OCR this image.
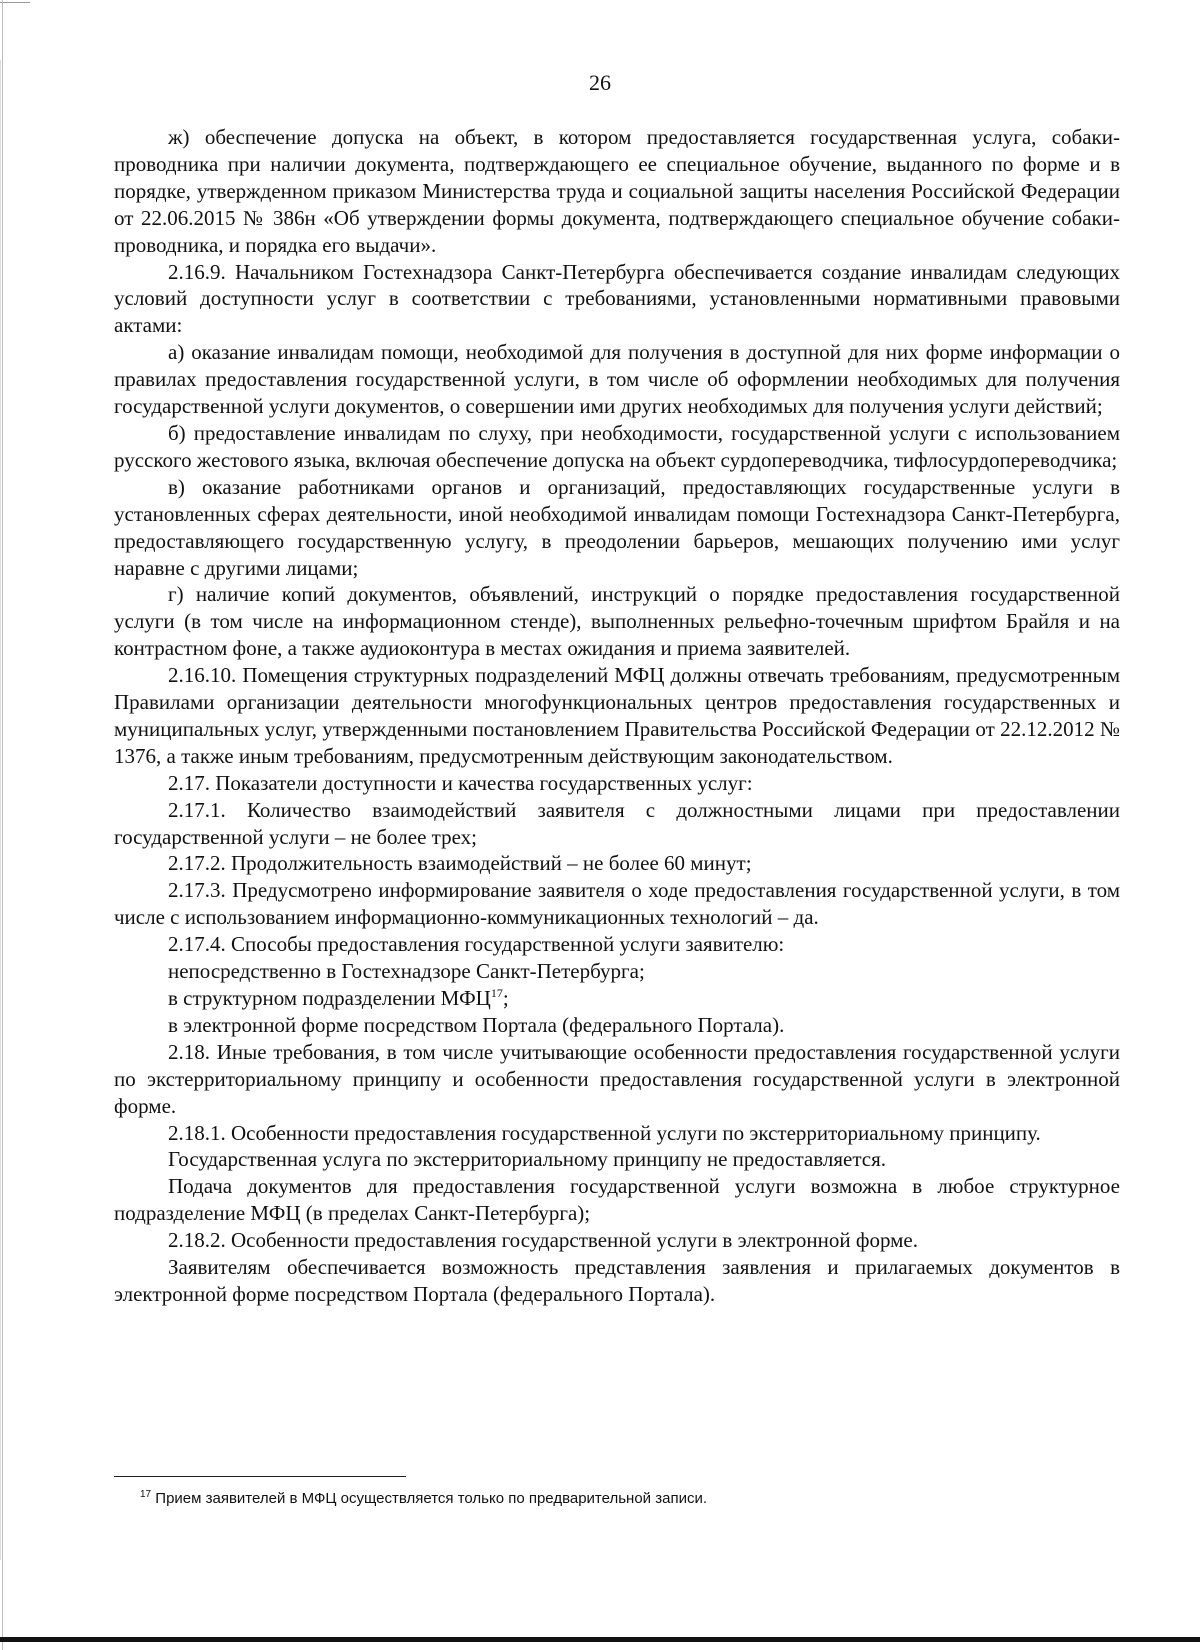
26

ж) обеспечение допуска на объект, в котором предоставляется государственная услуга, собаки-проводника при наличии документа, подтверждающего ее специальное обучение, выданного по форме и в порядке, утвержденном приказом Министерства труда и социальной защиты населения Российской Федерации от 22.06.2015 № 386н «Об утверждении формы документа, подтверждающего специальное обучение собаки-проводника, и порядка его выдачи».

2.16.9. Начальником Гостехнадзора Санкт-Петербурга обеспечивается создание инвалидам следующих условий доступности услуг в соответствии с требованиями, установленными нормативными правовыми актами:

а) оказание инвалидам помощи, необходимой для получения в доступной для них форме информации о правилах предоставления государственной услуги, в том числе об оформлении необходимых для получения государственной услуги документов, о совершении ими других необходимых для получения услуги действий;

б) предоставление инвалидам по слуху, при необходимости, государственной услуги с использованием русского жестового языка, включая обеспечение допуска на объект сурдопереводчика, тифлосурдопереводчика;

в) оказание работниками органов и организаций, предоставляющих государственные услуги в установленных сферах деятельности, иной необходимой инвалидам помощи Гостехнадзора Санкт-Петербурга, предоставляющего государственную услугу, в преодолении барьеров, мешающих получению ими услуг наравне с другими лицами;

г) наличие копий документов, объявлений, инструкций о порядке предоставления государственной услуги (в том числе на информационном стенде), выполненных рельефно-точечным шрифтом Брайля и на контрастном фоне, а также аудиоконтура в местах ожидания и приема заявителей.

2.16.10. Помещения структурных подразделений МФЦ должны отвечать требованиям, предусмотренным Правилами организации деятельности многофункциональных центров предоставления государственных и муниципальных услуг, утвержденными постановлением Правительства Российской Федерации от 22.12.2012 № 1376, а также иным требованиям, предусмотренным действующим законодательством.

2.17. Показатели доступности и качества государственных услуг:

2.17.1. Количество взаимодействий заявителя с должностными лицами при предоставлении государственной услуги – не более трех;

2.17.2. Продолжительность взаимодействий – не более 60 минут;

2.17.3. Предусмотрено информирование заявителя о ходе предоставления государственной услуги, в том числе с использованием информационно-коммуникационных технологий – да.

2.17.4. Способы предоставления государственной услуги заявителю:

непосредственно в Гостехнадзоре Санкт-Петербурга;

в структурном подразделении МФЦ$^{17}$;

в электронной форме посредством Портала (федерального Портала).

2.18. Иные требования, в том числе учитывающие особенности предоставления государственной услуги по экстерриториальному принципу и особенности предоставления государственной услуги в электронной форме.

2.18.1. Особенности предоставления государственной услуги по экстерриториальному принципу.

Государственная услуга по экстерриториальному принципу не предоставляется.

Подача документов для предоставления государственной услуги возможна в любое структурное подразделение МФЦ (в пределах Санкт-Петербурга);

2.18.2. Особенности предоставления государственной услуги в электронной форме.

Заявителям обеспечивается возможность представления заявления и прилагаемых документов в электронной форме посредством Портала (федерального Портала).

$^{17}$ Прием заявителей в МФЦ осуществляется только по предварительной записи.
